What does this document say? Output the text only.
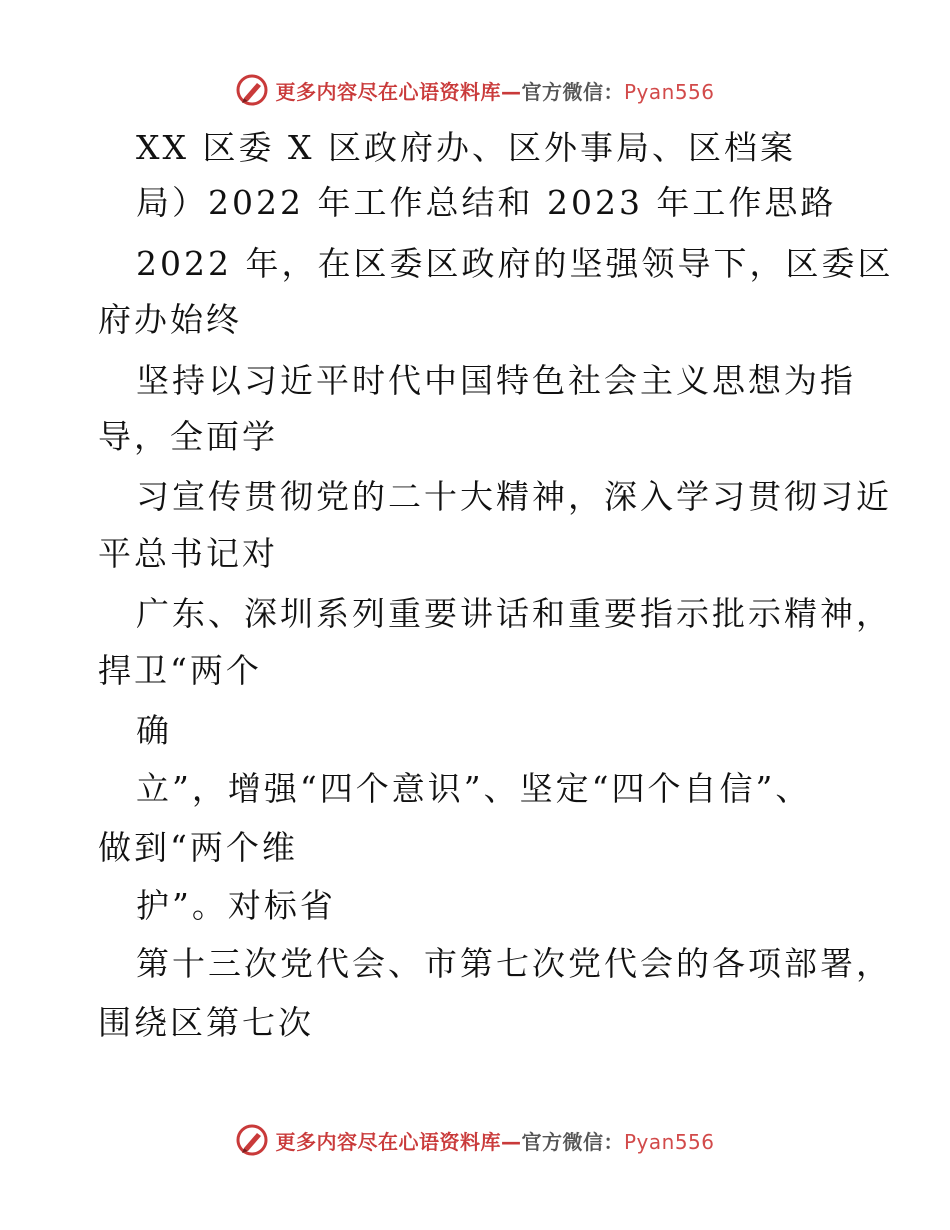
更多内容尽在心语资料库—官方微信：Pyan556
XX 区委 X 区政府办、区外事局、区档案
局）2022 年工作总结和 2023 年工作思路
2022 年，在区委区政府的坚强领导下，区委区
府办始终
坚持以习近平时代中国特色社会主义思想为指
导，全面学
习宣传贯彻党的二十大精神，深入学习贯彻习近
平总书记对
广东、深圳系列重要讲话和重要指示批示精神，
捍卫“两个
确
立”，增强“四个意识”、坚定“四个自信”、
做到“两个维
护”。对标省
第十三次党代会、市第七次党代会的各项部署，
围绕区第七次
更多内容尽在心语资料库—官方微信：Pyan556
